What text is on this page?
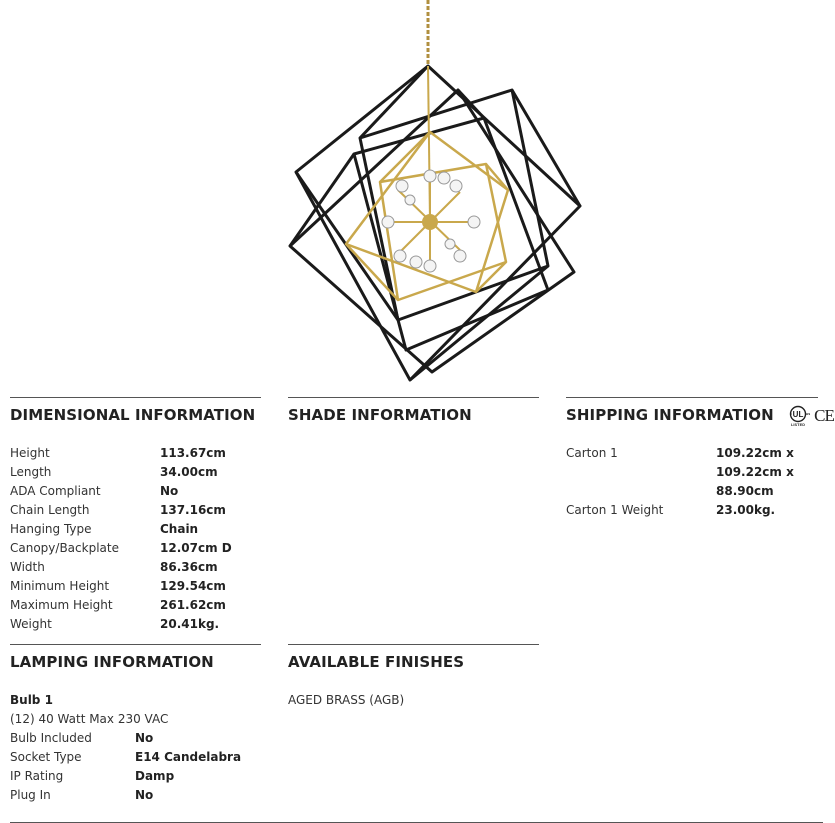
DIMENSIONAL INFORMATION
Height	113.67cm
Length	34.00cm
ADA Compliant	No
Chain Length	137.16cm
Hanging Type	Chain
Canopy/Backplate	12.07cm D
Width	86.36cm
Minimum Height	129.54cm
Maximum Height	261.62cm
Weight	20.41kg.
SHADE INFORMATION	SHIPPING INFORMATION UL
c	us
LISTED CE
Carton 1	109.22cm x
109.22cm x
88.90cm
Carton 1 Weight	23.00kg.
LAMPING INFORMATION
Bulb 1
(12) 40 Watt Max 230 VAC
Bulb Included	No
Socket Type	E14 Candelabra
IP Rating	Damp
Plug In	No
AVAILABLE FINISHES
AGED BRASS (AGB)
